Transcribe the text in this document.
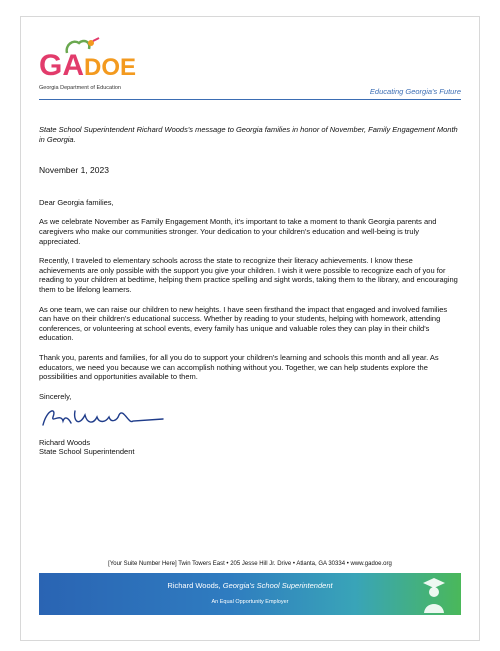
GADOE
Georgia Department of Education	Educating Georgia's Future

State School Superintendent Richard Woods's message to Georgia families in honor of November, Family Engagement Month in Georgia.

November 1, 2023

Dear Georgia families,

As we celebrate November as Family Engagement Month, it's important to take a moment to thank Georgia parents and caregivers who make our communities stronger. Your dedication to your children's education and well-being is truly appreciated.

Recently, I traveled to elementary schools across the state to recognize their literacy achievements. I know these achievements are only possible with the support you give your children. I wish it were possible to recognize each of you for reading to your children at bedtime, helping them practice spelling and sight words, taking them to the library, and encouraging them to be lifelong learners.

As one team, we can raise our children to new heights. I have seen firsthand the impact that engaged and involved families can have on their children's educational success. Whether by reading to your students, helping with homework, attending conferences, or volunteering at school events, every family has unique and valuable roles they can play in their child's education.

Thank you, parents and families, for all you do to support your children's learning and schools this month and all year. As educators, we need you because we can accomplish nothing without you. Together, we can help students explore the possibilities and opportunities available to them.

Sincerely,

Richard Woods
State School Superintendent
[Your Suite Number Here] Twin Towers East • 205 Jesse Hill Jr. Drive • Atlanta, GA 30334 • www.gadoe.org
Richard Woods, Georgia's School Superintendent
An Equal Opportunity Employer
